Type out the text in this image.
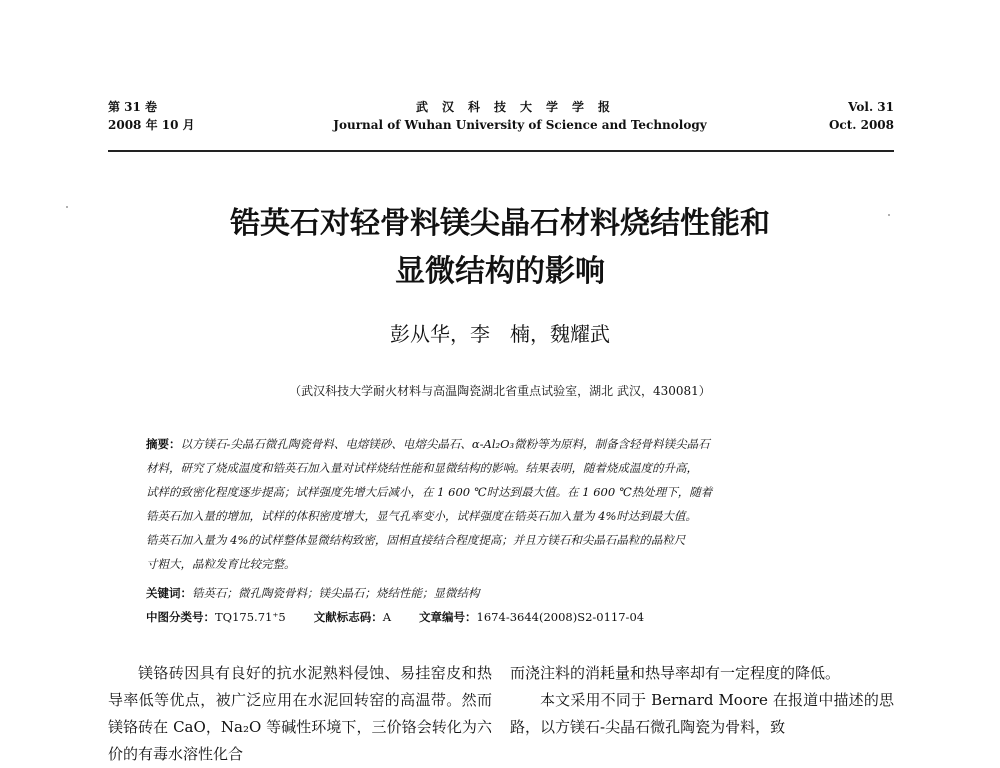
第 31 卷
2008 年 10 月
武汉科技大学学报
Journal of Wuhan University of Science and Technology
Vol. 31
Oct. 2008
锆英石对轻骨料镁尖晶石材料烧结性能和
显微结构的影响
彭从华，李　楠，魏耀武
（武汉科技大学耐火材料与高温陶瓷湖北省重点试验室，湖北 武汉，430081）
摘要：以方镁石-尖晶石微孔陶瓷骨料、电熔镁砂、电熔尖晶石、α-Al₂O₃微粉等为原料，制备含轻骨料镁尖晶石
材料，研究了烧成温度和锆英石加入量对试样烧结性能和显微结构的影响。结果表明，随着烧成温度的升高，
试样的致密化程度逐步提高；试样强度先增大后减小，在 1 600 ℃时达到最大值。在 1 600 ℃热处理下，随着
锆英石加入量的增加，试样的体积密度增大，显气孔率变小，试样强度在锆英石加入量为 4%时达到最大值。
锆英石加入量为 4%的试样整体显微结构致密，固相直接结合程度提高；并且方镁石和尖晶石晶粒的晶粒尺
寸粗大，晶粒发育比较完整。
关键词：锆英石；微孔陶瓷骨料；镁尖晶石；烧结性能；显微结构
中图分类号：TQ175.71⁺5 文献标志码：A 文章编号：1674-3644(2008)S2-0117-04

镁铬砖因具有良好的抗水泥熟料侵蚀、易挂窑皮和热导率低等优点，被广泛应用在水泥回转窑的高温带。然而镁铬砖在 CaO，Na₂O 等碱性环境下，三价铬会转化为六价的有毒水溶性化合

而浇注料的消耗量和热导率却有一定程度的降低。

本文采用不同于 Bernard Moore 在报道中描述的思路，以方镁石-尖晶石微孔陶瓷为骨料，致
